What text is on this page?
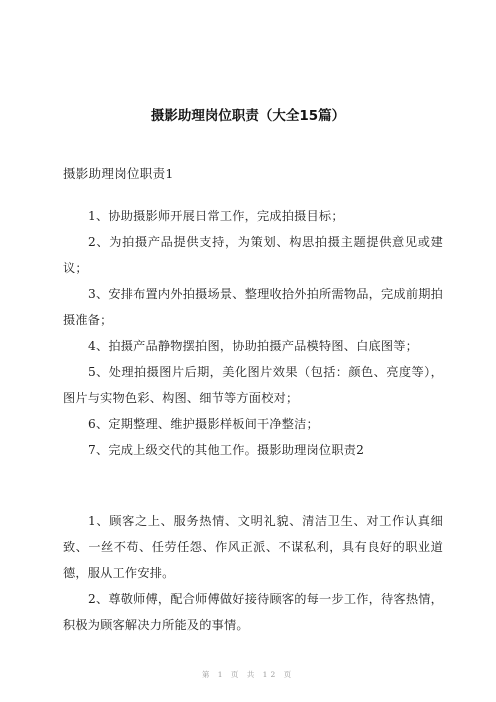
摄影助理岗位职责（大全15篇）
摄影助理岗位职责1

1、协助摄影师开展日常工作，完成拍摄目标；

2、为拍摄产品提供支持，为策划、构思拍摄主题提供意见或建议；

3、安排布置内外拍摄场景、整理收拾外拍所需物品，完成前期拍摄准备；

4、拍摄产品静物摆拍图，协助拍摄产品模特图、白底图等；

5、处理拍摄图片后期，美化图片效果（包括：颜色、亮度等），图片与实物色彩、构图、细节等方面校对；

6、定期整理、维护摄影样板间干净整洁；

7、完成上级交代的其他工作。摄影助理岗位职责2

1、顾客之上、服务热情、文明礼貌、清洁卫生、对工作认真细致、一丝不苟、任劳任怨、作风正派、不谋私利，具有良好的职业道德，服从工作安排。

2、尊敬师傅，配合师傅做好接待顾客的每一步工作，待客热情，积极为顾客解决力所能及的事情。

第 1 页 共 12 页
